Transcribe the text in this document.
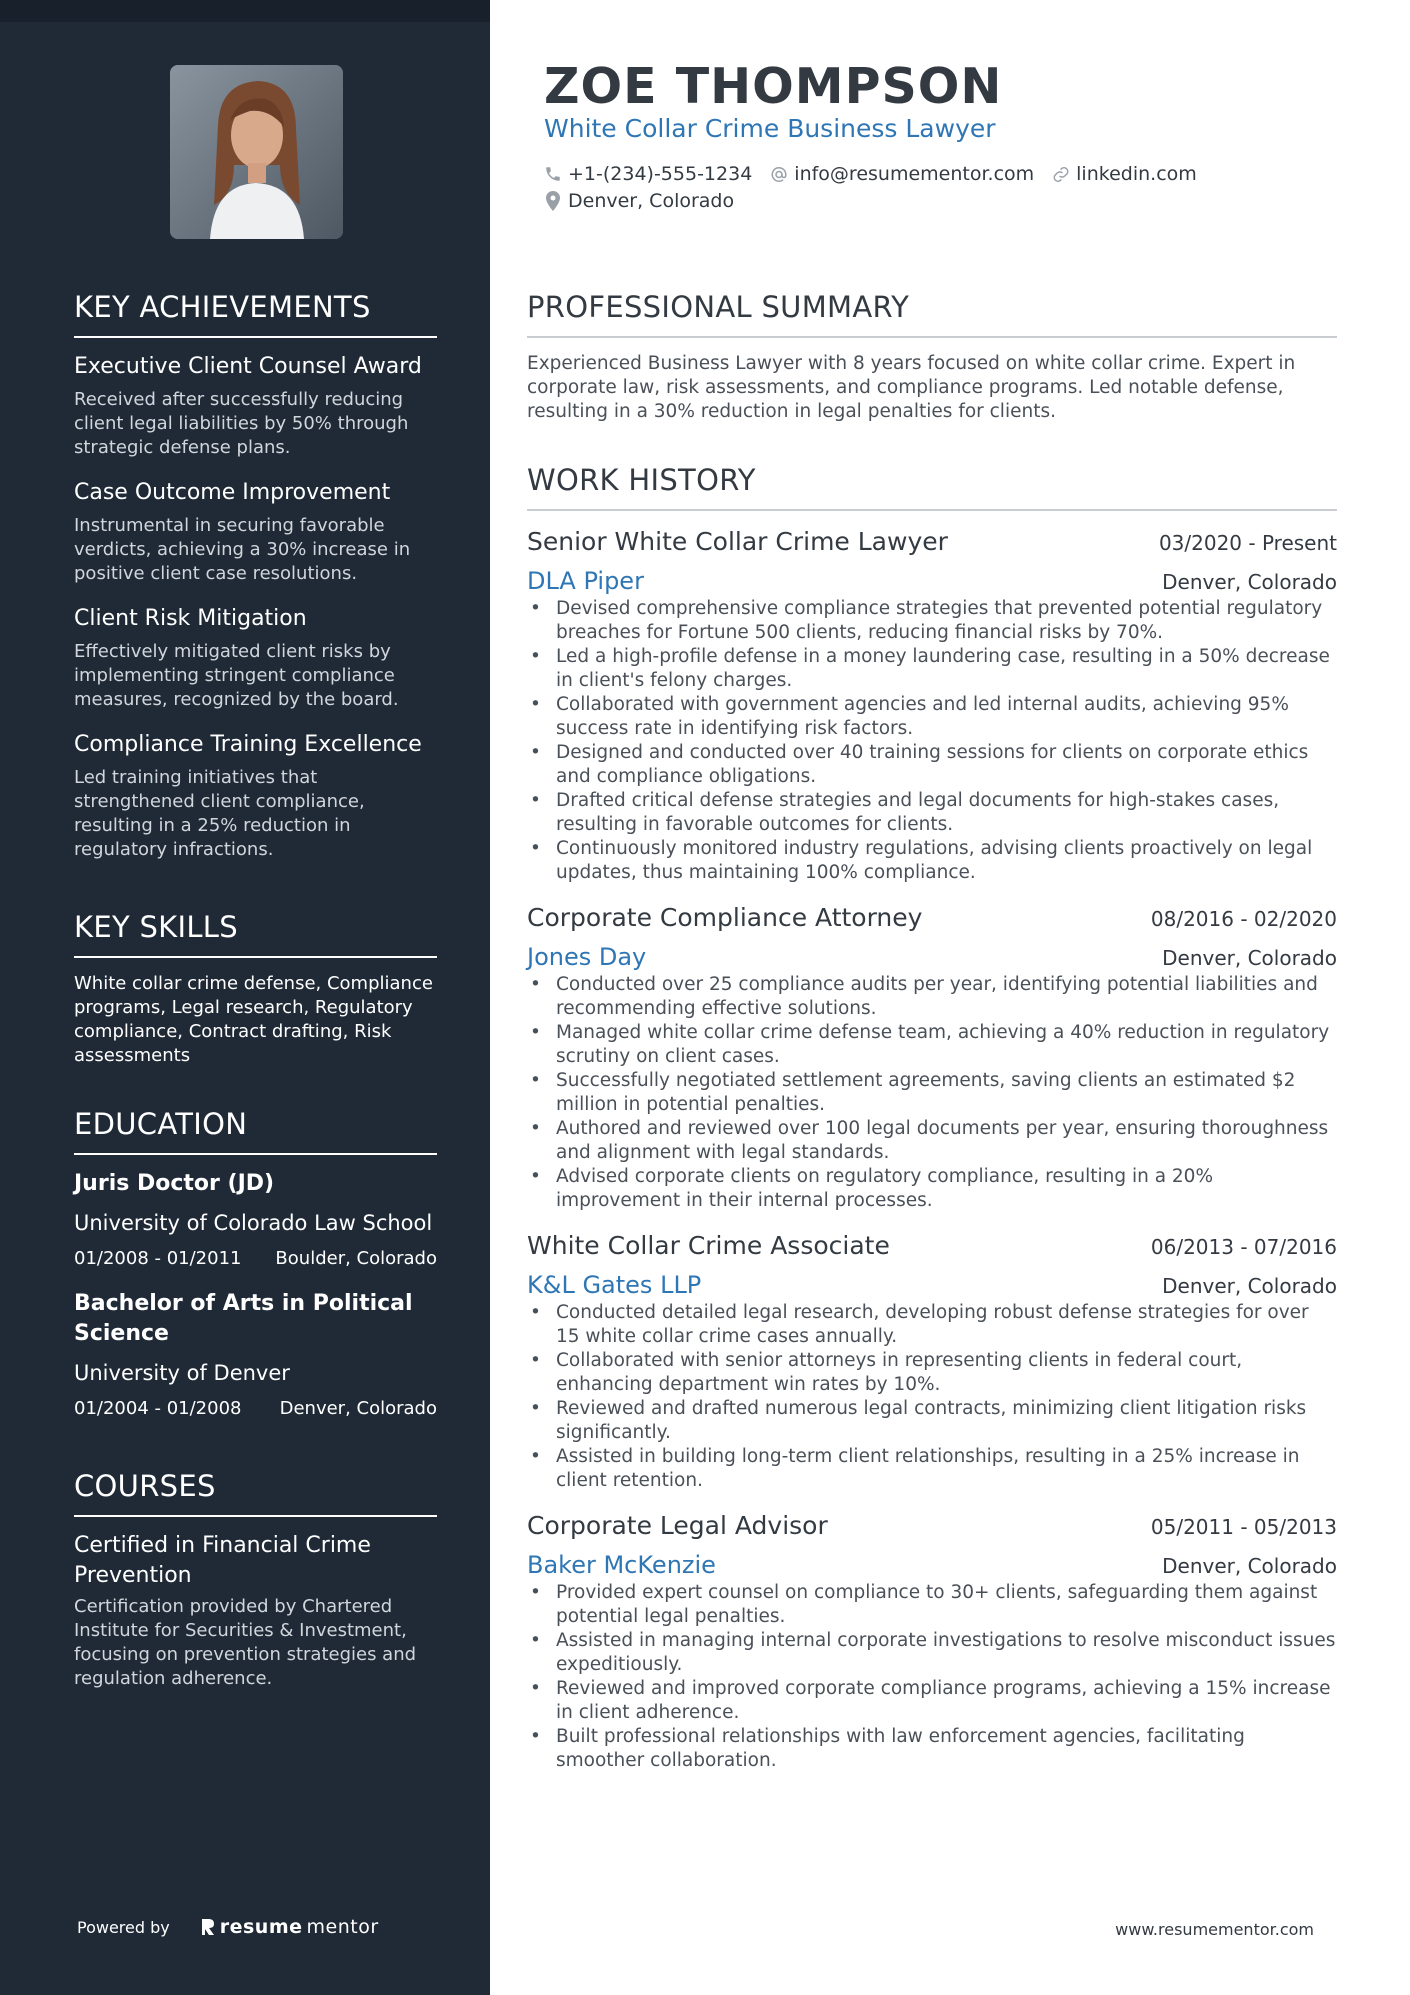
KEY ACHIEVEMENTS
Executive Client Counsel Award
Received after successfully reducing client legal liabilities by 50% through strategic defense plans.
Case Outcome Improvement
Instrumental in securing favorable verdicts, achieving a 30% increase in positive client case resolutions.
Client Risk Mitigation
Effectively mitigated client risks by implementing stringent compliance measures, recognized by the board.
Compliance Training Excellence
Led training initiatives that strengthened client compliance, resulting in a 25% reduction in regulatory infractions.
KEY SKILLS
White collar crime defense, Compliance programs, Legal research, Regulatory compliance, Contract drafting, Risk assessments
EDUCATION
Juris Doctor (JD)
University of Colorado Law School
01/2008 - 01/2011 Boulder, Colorado
Bachelor of Arts in Political Science
University of Denver
01/2004 - 01/2008 Denver, Colorado
COURSES
Certified in Financial Crime Prevention
Certification provided by Chartered Institute for Securities & Investment, focusing on prevention strategies and regulation adherence.
Powered by	resume mentor
ZOE THOMPSON
White Collar Crime Business Lawyer
+1-(234)-555-1234 info@resumementor.com linkedin.com
Denver, Colorado
PROFESSIONAL SUMMARY
Experienced Business Lawyer with 8 years focused on white collar crime. Expert in corporate law, risk assessments, and compliance programs. Led notable defense, resulting in a 30% reduction in legal penalties for clients.
WORK HISTORY
Senior White Collar Crime Lawyer	03/2020 - Present
DLA Piper	Denver, Colorado
• Devised comprehensive compliance strategies that prevented potential regulatory breaches for Fortune 500 clients, reducing financial risks by 70%.
• Led a high-profile defense in a money laundering case, resulting in a 50% decrease in client's felony charges.
• Collaborated with government agencies and led internal audits, achieving 95% success rate in identifying risk factors.
• Designed and conducted over 40 training sessions for clients on corporate ethics and compliance obligations.
• Drafted critical defense strategies and legal documents for high-stakes cases, resulting in favorable outcomes for clients.
• Continuously monitored industry regulations, advising clients proactively on legal updates, thus maintaining 100% compliance.
Corporate Compliance Attorney	08/2016 - 02/2020
Jones Day	Denver, Colorado
• Conducted over 25 compliance audits per year, identifying potential liabilities and recommending effective solutions.
• Managed white collar crime defense team, achieving a 40% reduction in regulatory scrutiny on client cases.
• Successfully negotiated settlement agreements, saving clients an estimated $2 million in potential penalties.
• Authored and reviewed over 100 legal documents per year, ensuring thoroughness and alignment with legal standards.
• Advised corporate clients on regulatory compliance, resulting in a 20% improvement in their internal processes.
White Collar Crime Associate	06/2013 - 07/2016
K&L Gates LLP	Denver, Colorado
• Conducted detailed legal research, developing robust defense strategies for over 15 white collar crime cases annually.
• Collaborated with senior attorneys in representing clients in federal court, enhancing department win rates by 10%.
• Reviewed and drafted numerous legal contracts, minimizing client litigation risks significantly.
• Assisted in building long-term client relationships, resulting in a 25% increase in client retention.
Corporate Legal Advisor	05/2011 - 05/2013
Baker McKenzie	Denver, Colorado
• Provided expert counsel on compliance to 30+ clients, safeguarding them against potential legal penalties.
• Assisted in managing internal corporate investigations to resolve misconduct issues expeditiously.
• Reviewed and improved corporate compliance programs, achieving a 15% increase in client adherence.
• Built professional relationships with law enforcement agencies, facilitating smoother collaboration.
www.resumementor.com
